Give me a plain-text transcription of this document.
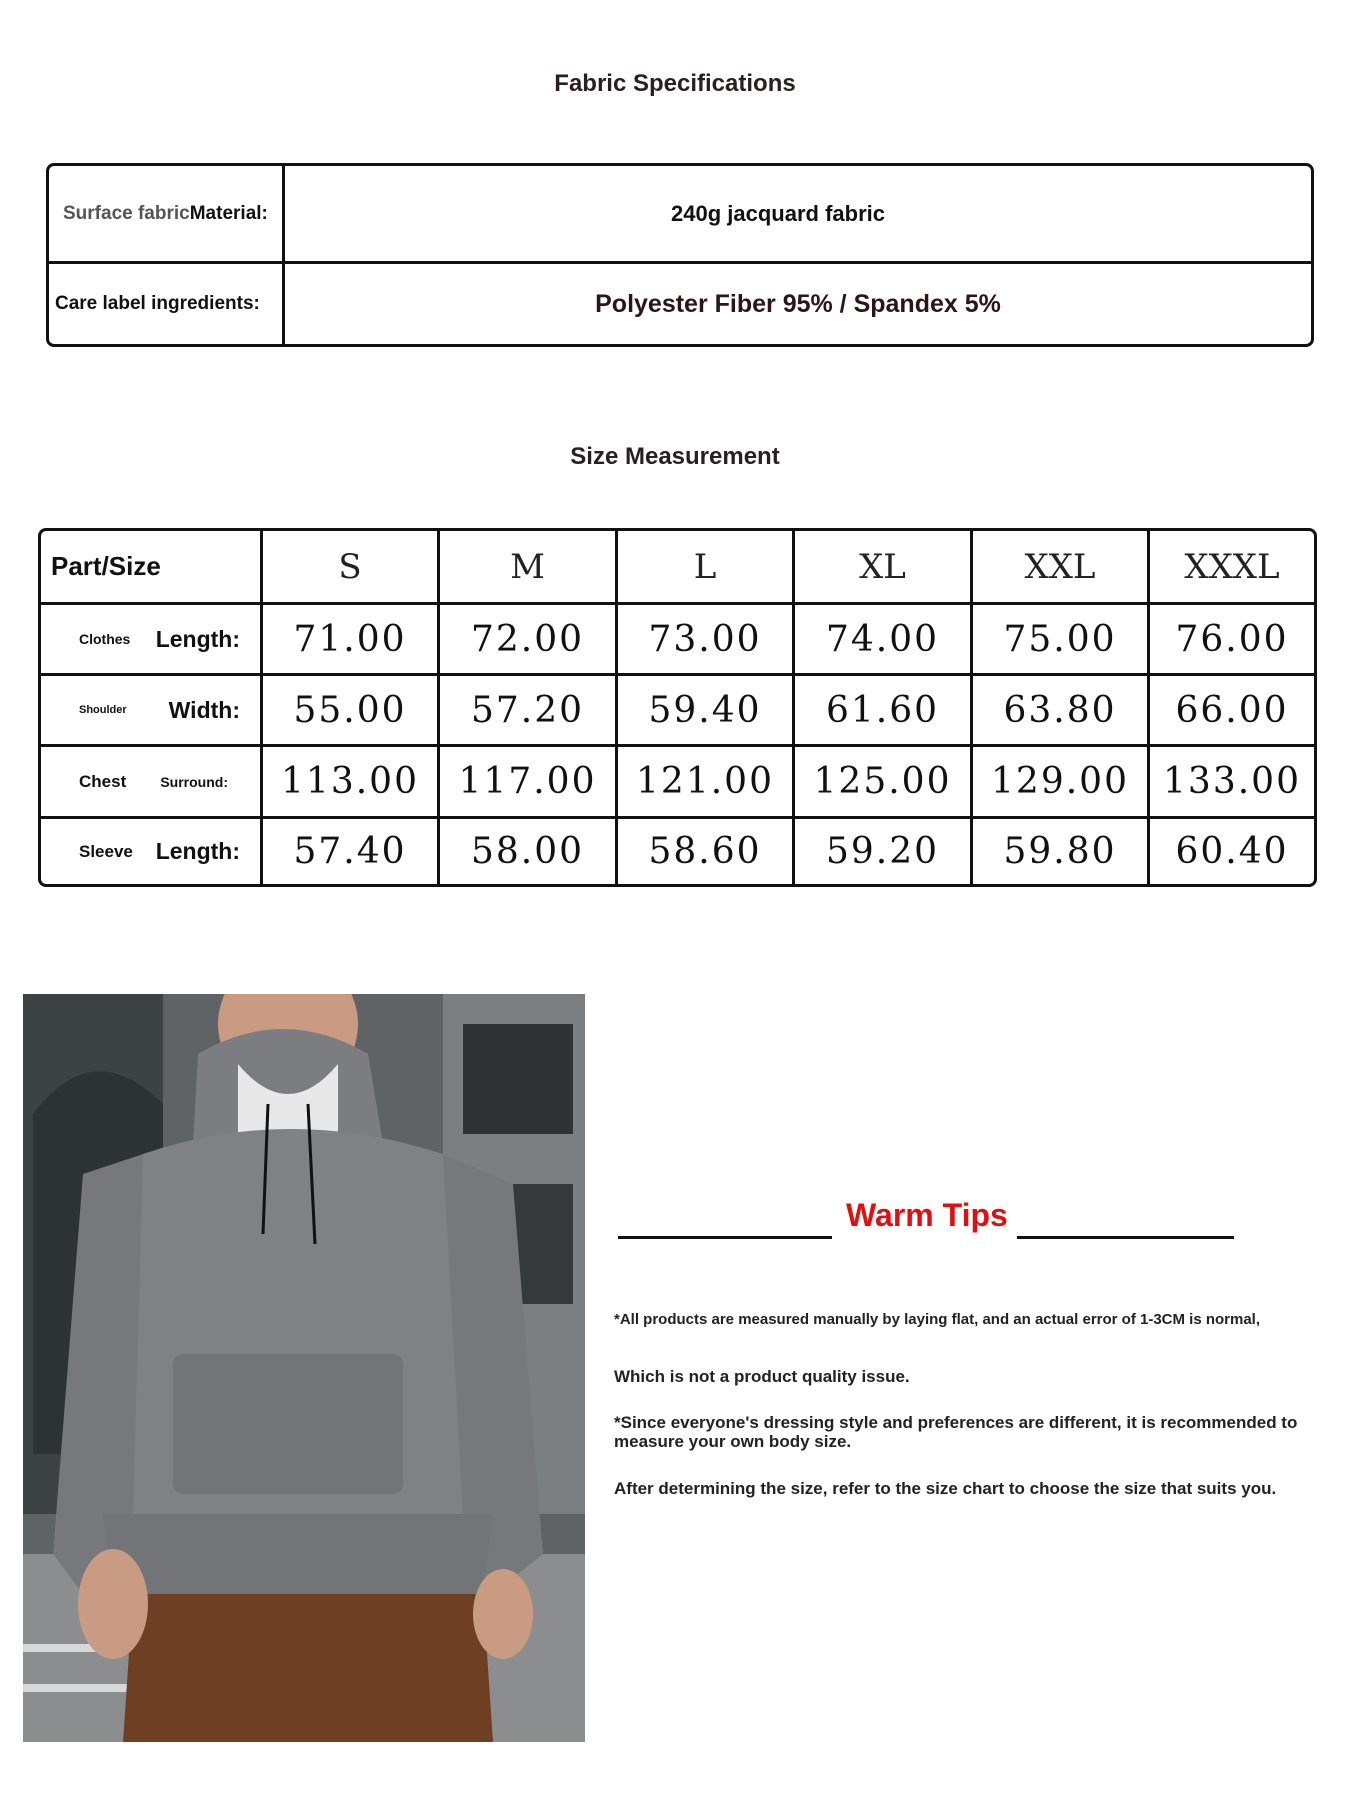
Fabric Specifications
Surface fabric Material:	240g jacquard fabric
Care label ingredients:	Polyester Fiber 95% / Spandex 5%
Size Measurement
Part/Size	S	M	L	XL	XXL	XXXL
Clothes Length:	71.00	72.00	73.00	74.00	75.00	76.00
Shoulder Width:	55.00	57.20	59.40	61.60	63.80	66.00
Chest Surround:	113.00	117.00	121.00	125.00	129.00 133.00
Sleeve Length:	57.40	58.00	58.60	59.20	59.80	60.40
Warm Tips
*All products are measured manually by laying flat, and an actual error of 1-3CM is normal,
Which is not a product quality issue.
*Since everyone's dressing style and preferences are different, it is recommended to measure your own body size.
After determining the size, refer to the size chart to choose the size that suits you.
